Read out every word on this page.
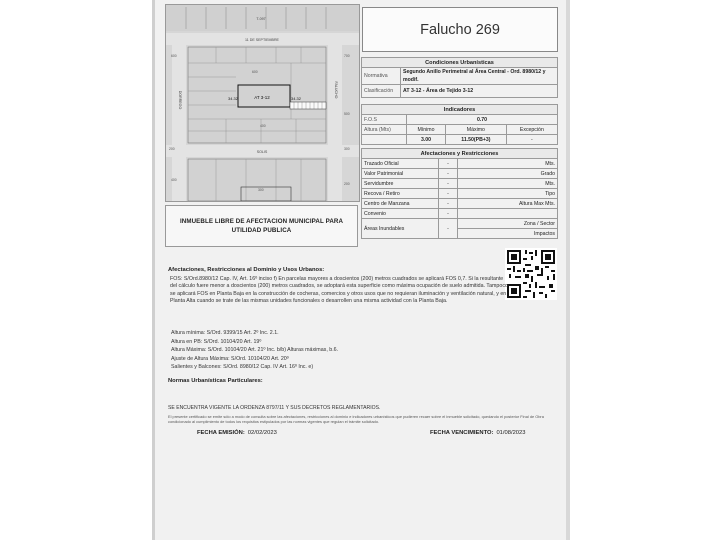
AT 3-12
34.32	34.32
11 DE SEPTIEMBRE
T-097
DORREGO
FALUCHO
SOLIS
600	700
500
400
600
400
300
200	300
200
INMUEBLE LIBRE DE AFECTACION MUNICIPAL PARA UTILIDAD PUBLICA
Falucho 269
Condiciones Urbanísticas	
Normativa	Segundo Anillo Perimetral al Área Central - Ord. 8980/12 y modif.
Clasificación	AT 3-12 - Área de Tejido 3-12
Indicadores			
F.O.S	0.70		
Altura (Mts)	Mínimo	Máximo	Excepción
	3.00	11.50(PB+3)	-
Afectaciones y Restricciones		
Trazado Oficial	-	Mts.
Valor Patrimonial	-	Grado
Servidumbre	-	Mts.
Recova / Retiro	-	Tipo
Centro de Manzana	-	Altura Max Mts.
Convenio	-	
Áreas Inundables	-	Zona / Sector
		Impactos
Afectaciones, Restricciones al Dominio y Usos Urbanos:
FOS: S/Ord.8980/12 Cap. IV, Art. 16º inciso f) En parcelas mayores a doscientos (200) metros cuadrados se aplicará FOS 0,7. Si la resultante del cálculo fuere menor a doscientos (200) metros cuadrados, se adoptará esta superficie como máxima ocupación de suelo admitida. Tampoco se aplicará FOS en Planta Baja en la construcción de cocheras, comercios y otros usos que no requieran iluminación y ventilación natural, y en Planta Alta cuando se trate de las mismas unidades funcionales o desarrollen una misma actividad con la Planta Baja.
Altura mínima: S/Ord. 9399/15 Art. 2º Inc. 2.1.
Altura en PB: S/Ord. 10104/20 Art. 19º
Altura Máxima: S/Ord. 10104/20 Art. 21º Inc. b/b) Alturas máximas, b.6.
Ajuste de Altura Máxima: S/Ord. 10104/20 Art. 20º
Salientes y Balcones: S/Ord. 8980/12 Cap. IV Art. 16º Inc. e)
Normas Urbanísticas Particulares:
SE ENCUENTRA VIGENTE LA ORDENZA 8797/11 Y SUS DECRETOS REGLAMENTARIOS.
El presente certificado se emite sólo a modo de consulta sobre las afectaciones, restricciones al dominio e indicadores urbanísticos que pudieren recaer sobre el inmueble solicitado, quedando el posterior Final de Obra condicionado al cumplimiento de todos los requisitos estipulados por las normas vigentes que regulan el trámite solicitado.
FECHA EMISIÓN: 02/02/2023	FECHA VENCIMIENTO: 01/08/2023
